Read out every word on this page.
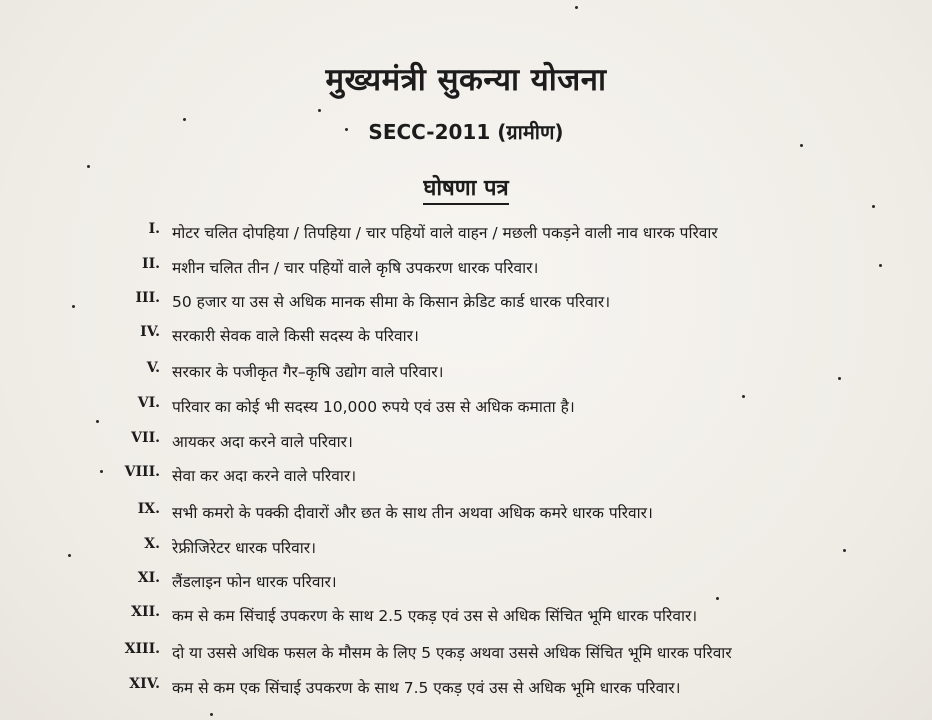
मुख्यमंत्री सुकन्या योजना
SECC-2011 (ग्रामीण)
घोषणा पत्र
I. मोटर चलित दोपहिया / तिपहिया / चार पहियों वाले वाहन / मछली पकड़ने वाली नाव धारक परिवार
II. मशीन चलित तीन / चार पहियों वाले कृषि उपकरण धारक परिवार।
III. 50 हजार या उस से अधिक मानक सीमा के किसान क्रेडिट कार्ड धारक परिवार।
IV. सरकारी सेवक वाले किसी सदस्य के परिवार।
V. सरकार के पजीकृत गैर–कृषि उद्योग वाले परिवार।
VI. परिवार का कोई भी सदस्य 10,000 रुपये एवं उस से अधिक कमाता है।
VII. आयकर अदा करने वाले परिवार।
VIII. सेवा कर अदा करने वाले परिवार।
IX. सभी कमरो के पक्की दीवारों और छत के साथ तीन अथवा अधिक कमरे धारक परिवार।
X. रेफ्रीजिरेटर धारक परिवार।
XI. लैंडलाइन फोन धारक परिवार।
XII. कम से कम सिंचाई उपकरण के साथ 2.5 एकड़ एवं उस से अधिक सिंचित भूमि धारक परिवार।
XIII. दो या उससे अधिक फसल के मौसम के लिए 5 एकड़ अथवा उससे अधिक सिंचित भूमि धारक परिवार
XIV. कम से कम एक सिंचाई उपकरण के साथ 7.5 एकड़ एवं उस से अधिक भूमि धारक परिवार।
